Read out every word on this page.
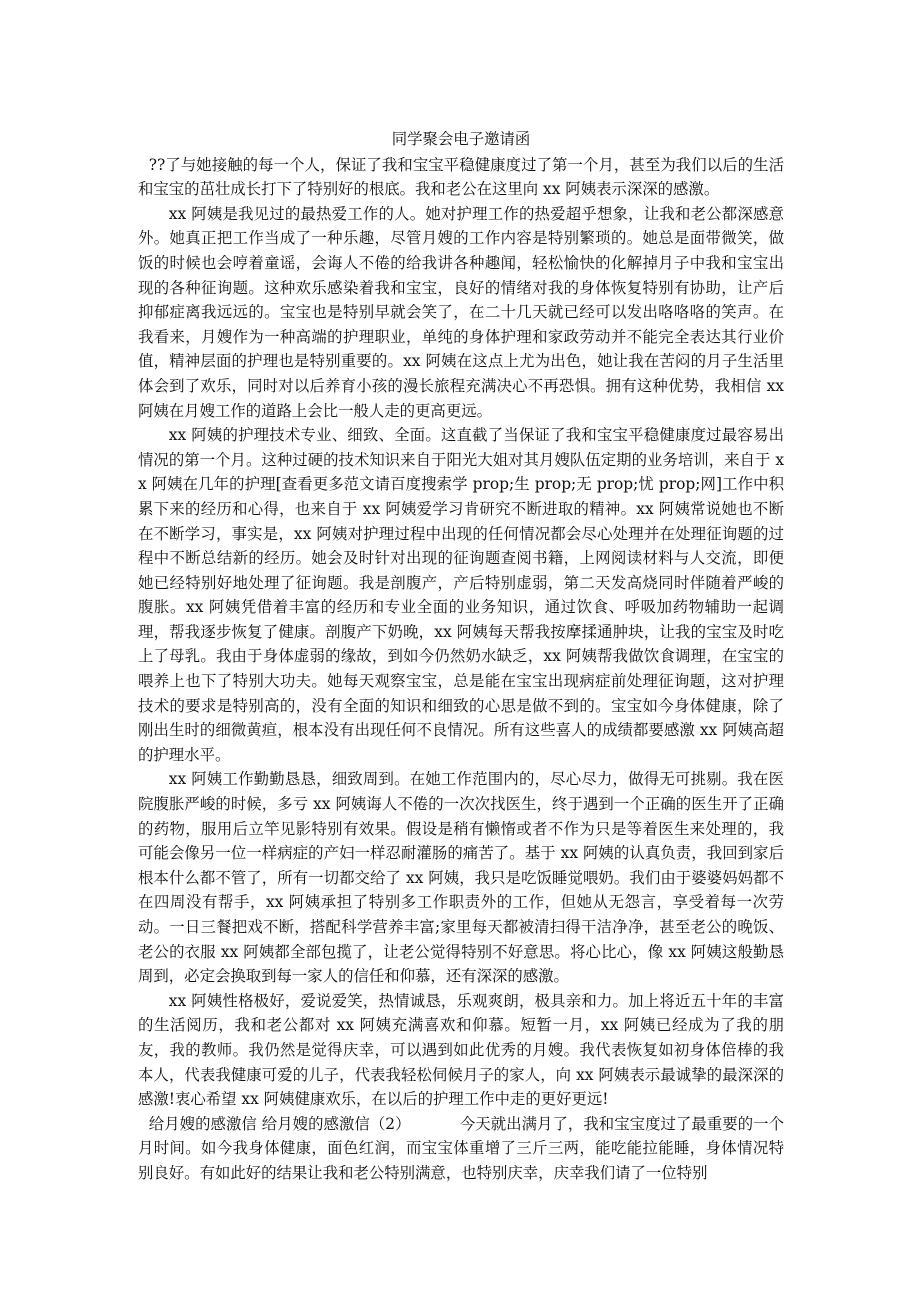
同学聚会电子邀请函

??了与她接触的每一个人，保证了我和宝宝平稳健康度过了第一个月，甚至为我们以后的生活和宝宝的茁壮成长打下了特别好的根底。我和老公在这里向 xx 阿姨表示深深的感激。

xx 阿姨是我见过的最热爱工作的人。她对护理工作的热爱超乎想象，让我和老公都深感意外。她真正把工作当成了一种乐趣，尽管月嫂的工作内容是特别繁琐的。她总是面带微笑，做饭的时候也会哼着童谣，会诲人不倦的给我讲各种趣闻，轻松愉快的化解掉月子中我和宝宝出现的各种征询题。这种欢乐感染着我和宝宝，良好的情绪对我的身体恢复特别有协助，让产后抑郁症离我远远的。宝宝也是特别早就会笑了，在二十几天就已经可以发出咯咯咯的笑声。在我看来，月嫂作为一种高端的护理职业，单纯的身体护理和家政劳动并不能完全表达其行业价值，精神层面的护理也是特别重要的。xx 阿姨在这点上尤为出色，她让我在苦闷的月子生活里体会到了欢乐，同时对以后养育小孩的漫长旅程充满决心不再恐惧。拥有这种优势，我相信 xx 阿姨在月嫂工作的道路上会比一般人走的更高更远。

xx 阿姨的护理技术专业、细致、全面。这直截了当保证了我和宝宝平稳健康度过最容易出情况的第一个月。这种过硬的技术知识来自于阳光大姐对其月嫂队伍定期的业务培训，来自于 xx 阿姨在几年的护理[查看更多范文请百度搜索学 prop;生 prop;无 prop;忧 prop;网]工作中积累下来的经历和心得，也来自于 xx 阿姨爱学习肯研究不断进取的精神。xx 阿姨常说她也不断在不断学习，事实是，xx 阿姨对护理过程中出现的任何情况都会尽心处理并在处理征询题的过程中不断总结新的经历。她会及时针对出现的征询题查阅书籍，上网阅读材料与人交流，即便她已经特别好地处理了征询题。我是剖腹产，产后特别虚弱，第二天发高烧同时伴随着严峻的腹胀。xx 阿姨凭借着丰富的经历和专业全面的业务知识，通过饮食、呼吸加药物辅助一起调理，帮我逐步恢复了健康。剖腹产下奶晚，xx 阿姨每天帮我按摩揉通肿块，让我的宝宝及时吃上了母乳。我由于身体虚弱的缘故，到如今仍然奶水缺乏，xx 阿姨帮我做饮食调理，在宝宝的喂养上也下了特别大功夫。她每天观察宝宝，总是能在宝宝出现病症前处理征询题，这对护理技术的要求是特别高的，没有全面的知识和细致的心思是做不到的。宝宝如今身体健康，除了刚出生时的细微黄疸，根本没有出现任何不良情况。所有这些喜人的成绩都要感激 xx 阿姨高超的护理水平。

xx 阿姨工作勤勤恳恳，细致周到。在她工作范围内的，尽心尽力，做得无可挑剔。我在医院腹胀严峻的时候，多亏 xx 阿姨诲人不倦的一次次找医生，终于遇到一个正确的医生开了正确的药物，服用后立竿见影特别有效果。假设是稍有懒惰或者不作为只是等着医生来处理的，我可能会像另一位一样病症的产妇一样忍耐灌肠的痛苦了。基于 xx 阿姨的认真负责，我回到家后根本什么都不管了，所有一切都交给了 xx 阿姨，我只是吃饭睡觉喂奶。我们由于婆婆妈妈都不在四周没有帮手，xx 阿姨承担了特别多工作职责外的工作，但她从无怨言，享受着每一次劳动。一日三餐把戏不断，搭配科学营养丰富;家里每天都被清扫得干洁净净，甚至老公的晚饭、老公的衣服 xx 阿姨都全部包揽了，让老公觉得特别不好意思。将心比心，像 xx 阿姨这般勤恳周到，必定会换取到每一家人的信任和仰慕，还有深深的感激。

xx 阿姨性格极好，爱说爱笑，热情诚恳，乐观爽朗，极具亲和力。加上将近五十年的丰富的生活阅历，我和老公都对 xx 阿姨充满喜欢和仰慕。短暂一月，xx 阿姨已经成为了我的朋友，我的教师。我仍然是觉得庆幸，可以遇到如此优秀的月嫂。我代表恢复如初身体倍棒的我本人，代表我健康可爱的儿子，代表我轻松伺候月子的家人，向 xx 阿姨表示最诚挚的最深深的感激!衷心希望 xx 阿姨健康欢乐，在以后的护理工作中走的更好更远!

给月嫂的感激信 给月嫂的感激信（2）	今天就出满月了，我和宝宝度过了最重要的一个月时间。如今我身体健康，面色红润，而宝宝体重增了三斤三两，能吃能拉能睡，身体情况特别良好。有如此好的结果让我和老公特别满意，也特别庆幸，庆幸我们请了一位特别
